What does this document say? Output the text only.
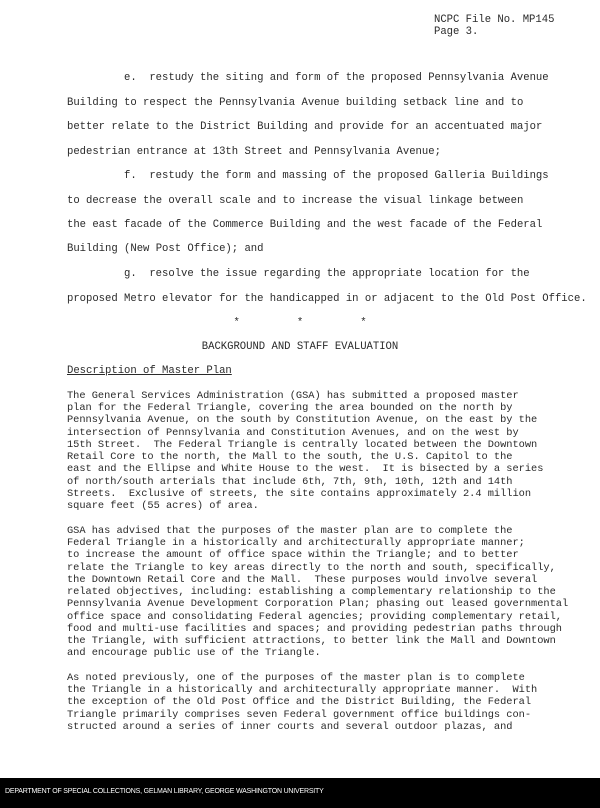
NCPC File No. MP145
Page 3.
e.  restudy the siting and form of the proposed Pennsylvania Avenue
Building to respect the Pennsylvania Avenue building setback line and to
better relate to the District Building and provide for an accentuated major
pedestrian entrance at 13th Street and Pennsylvania Avenue;
f.  restudy the form and massing of the proposed Galleria Buildings
to decrease the overall scale and to increase the visual linkage between
the east facade of the Commerce Building and the west facade of the Federal
Building (New Post Office); and
g.  resolve the issue regarding the appropriate location for the
proposed Metro elevator for the handicapped in or adjacent to the Old Post Office.
*         *         *
BACKGROUND AND STAFF EVALUATION
Description of Master Plan
The General Services Administration (GSA) has submitted a proposed master
plan for the Federal Triangle, covering the area bounded on the north by
Pennsylvania Avenue, on the south by Constitution Avenue, on the east by the
intersection of Pennsylvania and Constitution Avenues, and on the west by
15th Street.  The Federal Triangle is centrally located between the Downtown
Retail Core to the north, the Mall to the south, the U.S. Capitol to the
east and the Ellipse and White House to the west.  It is bisected by a series
of north/south arterials that include 6th, 7th, 9th, 10th, 12th and 14th
Streets.  Exclusive of streets, the site contains approximately 2.4 million
square feet (55 acres) of area.
GSA has advised that the purposes of the master plan are to complete the
Federal Triangle in a historically and architecturally appropriate manner;
to increase the amount of office space within the Triangle; and to better
relate the Triangle to key areas directly to the north and south, specifically,
the Downtown Retail Core and the Mall.  These purposes would involve several
related objectives, including: establishing a complementary relationship to the
Pennsylvania Avenue Development Corporation Plan; phasing out leased governmental
office space and consolidating Federal agencies; providing complementary retail,
food and multi-use facilities and spaces; and providing pedestrian paths through
the Triangle, with sufficient attractions, to better link the Mall and Downtown
and encourage public use of the Triangle.
As noted previously, one of the purposes of the master plan is to complete
the Triangle in a historically and architecturally appropriate manner.  With
the exception of the Old Post Office and the District Building, the Federal
Triangle primarily comprises seven Federal government office buildings con-
structed around a series of inner courts and several outdoor plazas, and
DEPARTMENT OF SPECIAL COLLECTIONS, GELMAN LIBRARY, GEORGE WASHINGTON UNIVERSITY
